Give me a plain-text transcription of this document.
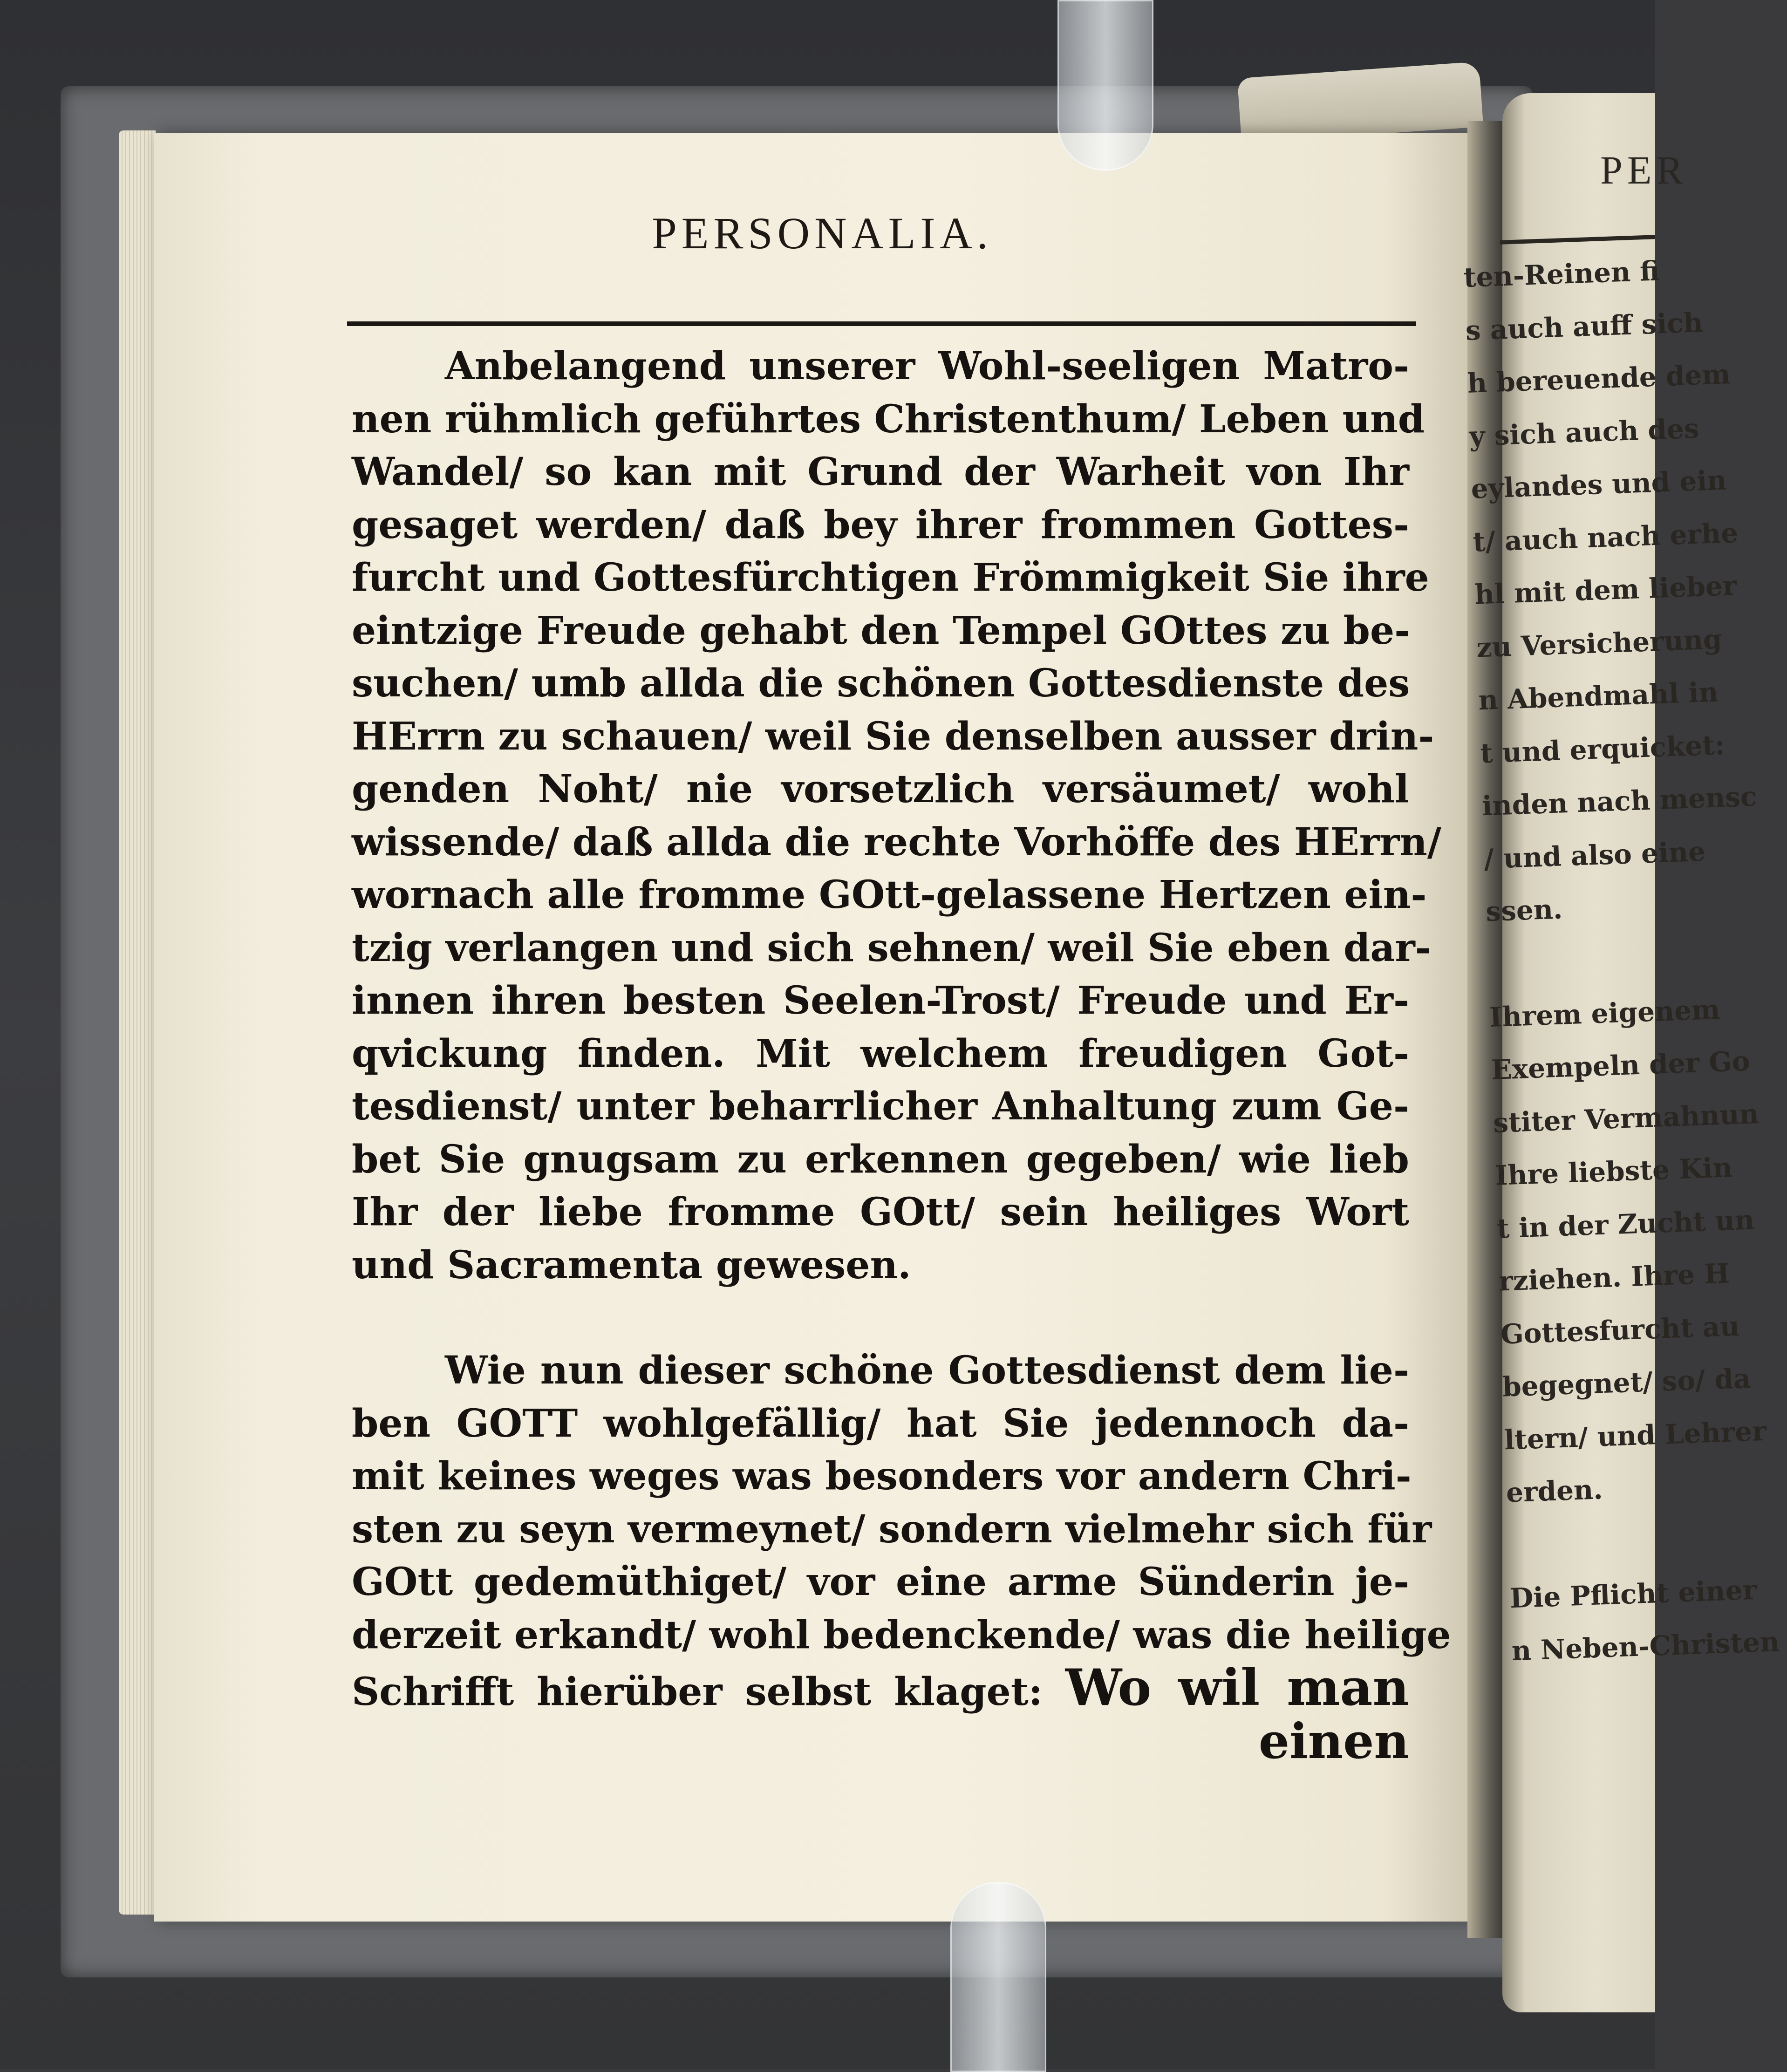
PER
ten-Reinen fi
s auch auff sich
h bereuende dem
y sich auch des
eylandes und ein
t/ auch nach erhe
hl mit dem lieber
zu Versicherung
n Abendmahl in
t und erquicket:
inden nach mensc
/ und also eine
ssen.
Ihrem eigenem
Exempeln der Go
stiter Vermahnun
Ihre liebste Kin
t in der Zucht un
rziehen. Ihre H
Gottesfurcht au
begegnet/ so/ da
ltern/ und Lehrer
erden.
Die Pflicht einer
n Neben-Christen
PERSONALIA.
Anbelangend unserer Wohl-seeligen Matro-
nen rühmlich geführtes Christenthum/ Leben und
Wandel/ so kan mit Grund der Warheit von Ihr
gesaget werden/ daß bey ihrer frommen Gottes-
furcht und Gottesfürchtigen Frömmigkeit Sie ihre
eintzige Freude gehabt den Tempel GOttes zu be-
suchen/ umb allda die schönen Gottesdienste des
HErrn zu schauen/ weil Sie denselben ausser drin-
genden Noht/ nie vorsetzlich versäumet/ wohl
wissende/ daß allda die rechte Vorhöffe des HErrn/
wornach alle fromme GOtt-gelassene Hertzen ein-
tzig verlangen und sich sehnen/ weil Sie eben dar-
innen ihren besten Seelen-Trost/ Freude und Er-
qvickung finden. Mit welchem freudigen Got-
tesdienst/ unter beharrlicher Anhaltung zum Ge-
bet Sie gnugsam zu erkennen gegeben/ wie lieb
Ihr der liebe fromme GOtt/ sein heiliges Wort
und Sacramenta gewesen.
Wie nun dieser schöne Gottesdienst dem lie-
ben GOTT wohlgefällig/ hat Sie jedennoch da-
mit keines weges was besonders vor andern Chri-
sten zu seyn vermeynet/ sondern vielmehr sich für
GOtt gedemüthiget/ vor eine arme Sünderin je-
derzeit erkandt/ wohl bedenckende/ was die heilige
Schrifft hierüber selbst klaget: Wo wil man
einen
